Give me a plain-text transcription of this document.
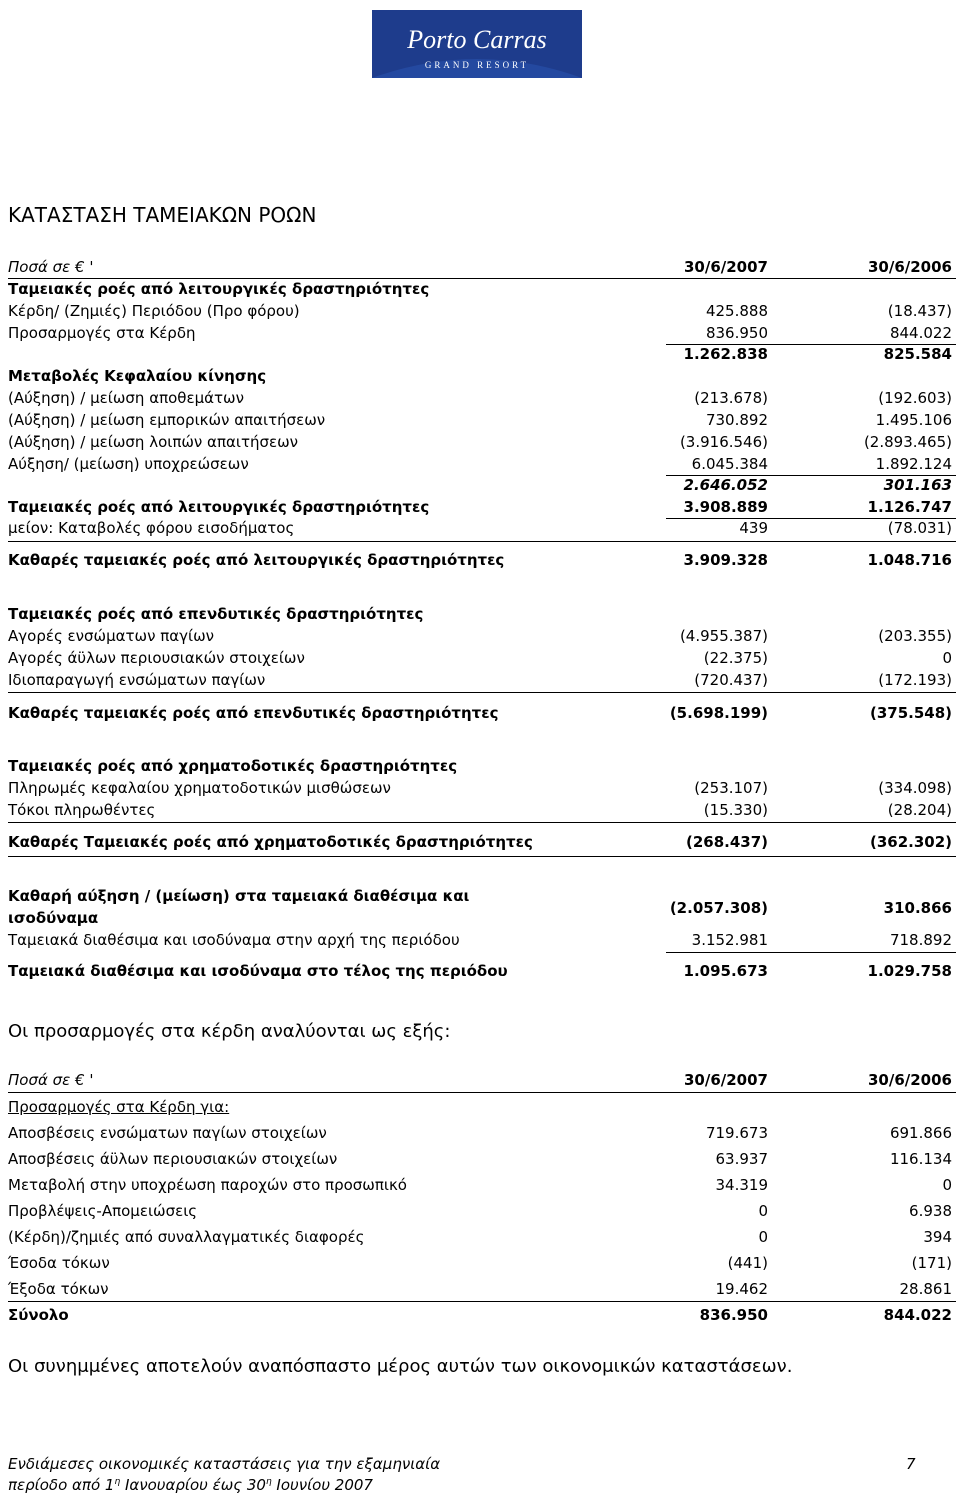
Porto Carras
GRAND RESORT
ΚΑΤΑΣΤΑΣΗ ΤΑΜΕΙΑΚΩΝ ΡΟΩΝ
Ποσά σε € '	30/6/2007	30/6/2006
Ταμειακές ροές από λειτουργικές δραστηριότητες
Κέρδη/ (Ζημιές) Περιόδου (Προ φόρου)	425.888	(18.437)
Προσαρμογές στα Κέρδη	836.950	844.022
1.262.838	825.584
Μεταβολές Κεφαλαίου κίνησης
(Αύξηση) / μείωση αποθεμάτων	(213.678)	(192.603)
(Αύξηση) / μείωση εμπορικών απαιτήσεων	730.892	1.495.106
(Αύξηση) / μείωση λοιπών απαιτήσεων	(3.916.546)	(2.893.465)
Αύξηση/ (μείωση) υποχρεώσεων	6.045.384	1.892.124
2.646.052	301.163
Ταμειακές ροές από λειτουργικές δραστηριότητες	3.908.889	1.126.747
μείον: Καταβολές φόρου εισοδήματος	439	(78.031)
Καθαρές ταμειακές ροές από λειτουργικές δραστηριότητες	3.909.328	1.048.716
Ταμειακές ροές από επενδυτικές δραστηριότητες
Αγορές ενσώματων παγίων	(4.955.387)	(203.355)
Αγορές άϋλων περιουσιακών στοιχείων	(22.375)	0
Ιδιοπαραγωγή ενσώματων παγίων	(720.437)	(172.193)
Καθαρές ταμειακές ροές από επενδυτικές δραστηριότητες	(5.698.199)	(375.548)
Ταμειακές ροές από χρηματοδοτικές δραστηριότητες
Πληρωμές κεφαλαίου χρηματοδοτικών μισθώσεων	(253.107)	(334.098)
Τόκοι πληρωθέντες	(15.330)	(28.204)
Καθαρές Ταμειακές ροές από χρηματοδοτικές δραστηριότητες	(268.437)	(362.302)
Καθαρή αύξηση / (μείωση) στα ταμειακά διαθέσιμα και
ισοδύναμα
(2.057.308)	310.866
Ταμειακά διαθέσιμα και ισοδύναμα στην αρχή της περιόδου	3.152.981	718.892
Ταμειακά διαθέσιμα και ισοδύναμα στο τέλος της περιόδου	1.095.673	1.029.758
Οι προσαρμογές στα κέρδη αναλύονται ως εξής:
Ποσά σε € '	30/6/2007	30/6/2006
Προσαρμογές στα Κέρδη για:
Αποσβέσεις ενσώματων παγίων στοιχείων	719.673	691.866
Αποσβέσεις άϋλων περιουσιακών στοιχείων	63.937	116.134
Μεταβολή στην υποχρέωση παροχών στο προσωπικό	34.319	0
Προβλέψεις-Απομειώσεις	0	6.938
(Κέρδη)/ζημιές από συναλλαγματικές διαφορές	0	394
Έσοδα τόκων	(441)	(171)
Έξοδα τόκων	19.462	28.861
Σύνολο	836.950	844.022
Οι συνημμένες αποτελούν αναπόσπαστο μέρος αυτών των οικονομικών καταστάσεων.
Ενδιάμεσες οικονομικές καταστάσεις για την εξαμηνιαία
περίοδο από $1^\eta$ Ιανουαρίου έως $30^\eta$ Ιουνίου 2007
7
